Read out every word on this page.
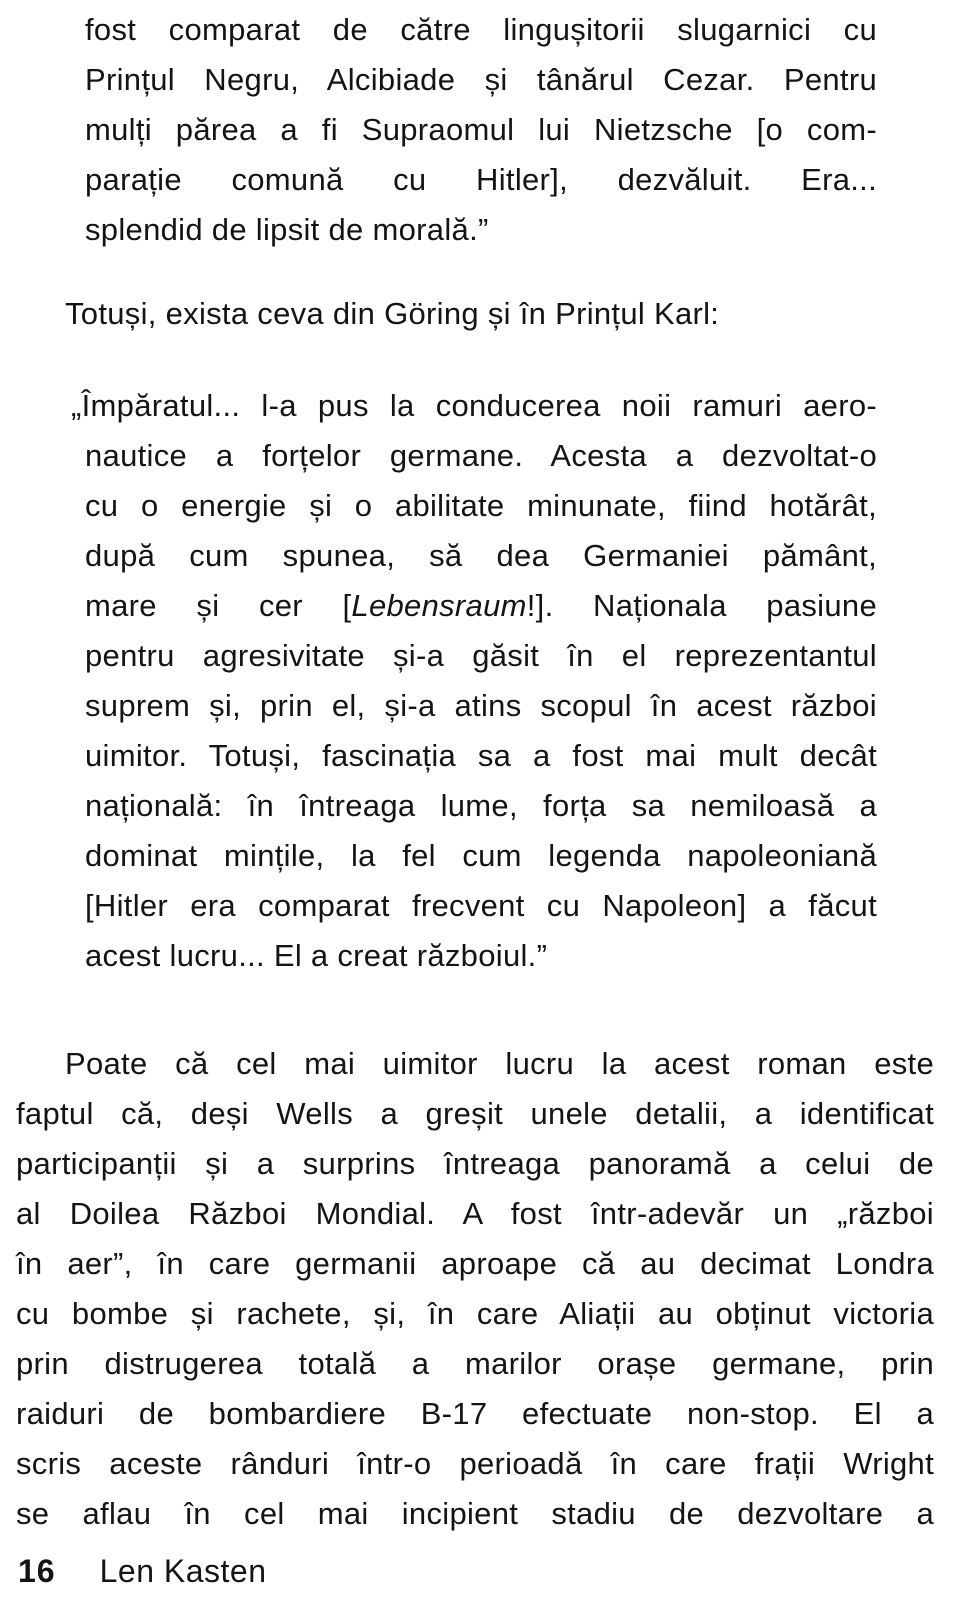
fost comparat de către lingușitorii slugarnici cu
Prințul Negru, Alcibiade și tânărul Cezar. Pentru
mulți părea a fi Supraomul lui Nietzsche [o com-
parație comună cu Hitler], dezvăluit. Era...
splendid de lipsit de morală.”
Totuși, exista ceva din Göring și în Prințul Karl:
„Împăratul... l-a pus la conducerea noii ramuri aero-
nautice a forțelor germane. Acesta a dezvoltat-o
cu o energie și o abilitate minunate, fiind hotărât,
după cum spunea, să dea Germaniei pământ,
mare și cer [Lebensraum!]. Naționala pasiune
pentru agresivitate și-a găsit în el reprezentantul
suprem și, prin el, și-a atins scopul în acest război
uimitor. Totuși, fascinația sa a fost mai mult decât
națională: în întreaga lume, forța sa nemiloasă a
dominat mințile, la fel cum legenda napoleoniană
[Hitler era comparat frecvent cu Napoleon] a făcut
acest lucru... El a creat războiul.”
Poate că cel mai uimitor lucru la acest roman este
faptul că, deși Wells a greșit unele detalii, a identificat
participanții și a surprins întreaga panoramă a celui de
al Doilea Război Mondial. A fost într-adevăr un „război
în aer”, în care germanii aproape că au decimat Londra
cu bombe și rachete, și, în care Aliații au obținut victoria
prin distrugerea totală a marilor orașe germane, prin
raiduri de bombardiere B-17 efectuate non-stop. El a
scris aceste rânduri într-o perioadă în care frații Wright
se aflau în cel mai incipient stadiu de dezvoltare a
16 Len Kasten
